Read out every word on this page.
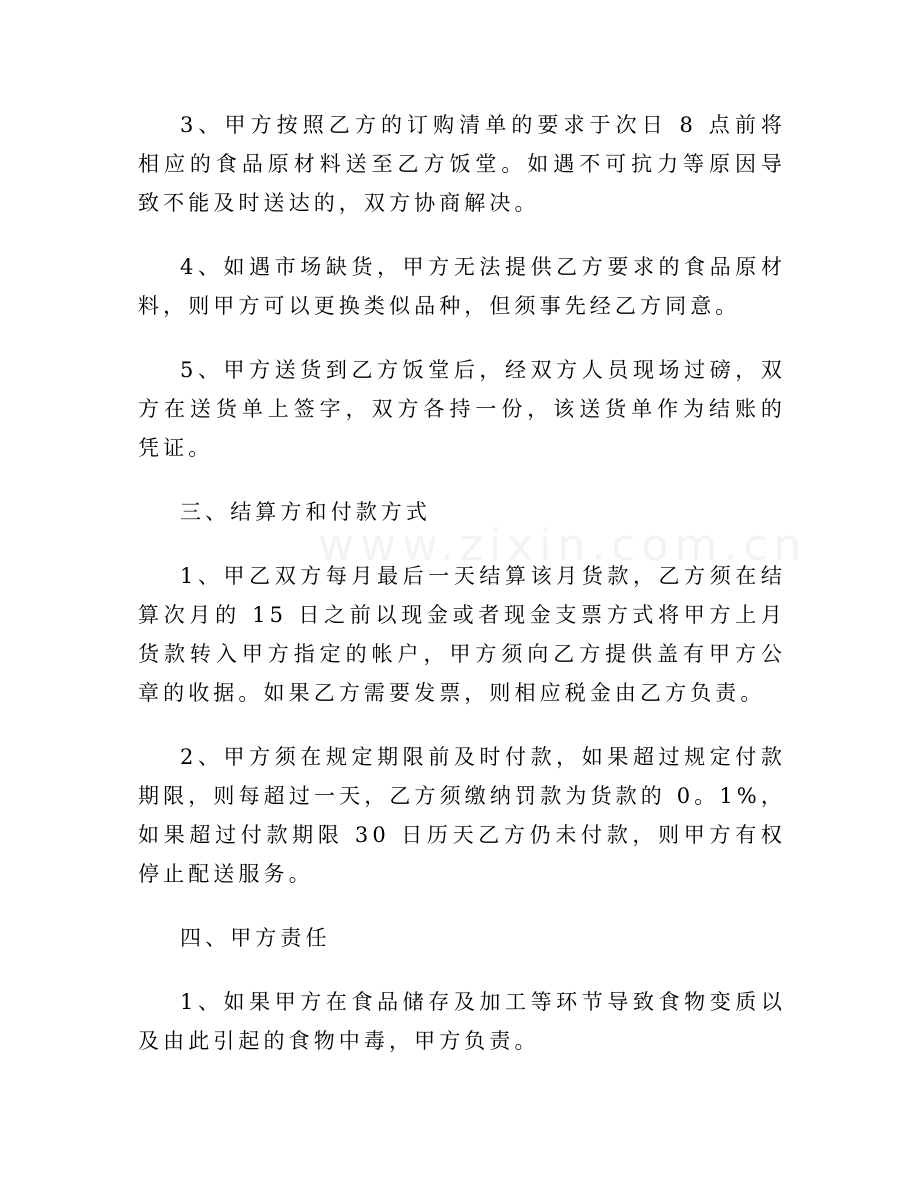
3、甲方按照乙方的订购清单的要求于次日 8 点前将相应的食品原材料送至乙方饭堂。如遇不可抗力等原因导致不能及时送达的，双方协商解决。

4、如遇市场缺货，甲方无法提供乙方要求的食品原材料，则甲方可以更换类似品种，但须事先经乙方同意。

5、甲方送货到乙方饭堂后，经双方人员现场过磅，双方在送货单上签字，双方各持一份，该送货单作为结账的凭证。

三、结算方和付款方式

1、甲乙双方每月最后一天结算该月货款，乙方须在结算次月的 15 日之前以现金或者现金支票方式将甲方上月货款转入甲方指定的帐户，甲方须向乙方提供盖有甲方公章的收据。如果乙方需要发票，则相应税金由乙方负责。

2、甲方须在规定期限前及时付款，如果超过规定付款期限，则每超过一天，乙方须缴纳罚款为货款的 0。1%，如果超过付款期限 30 日历天乙方仍未付款，则甲方有权停止配送服务。

四、甲方责任

1、如果甲方在食品储存及加工等环节导致食物变质以及由此引起的食物中毒，甲方负责。
